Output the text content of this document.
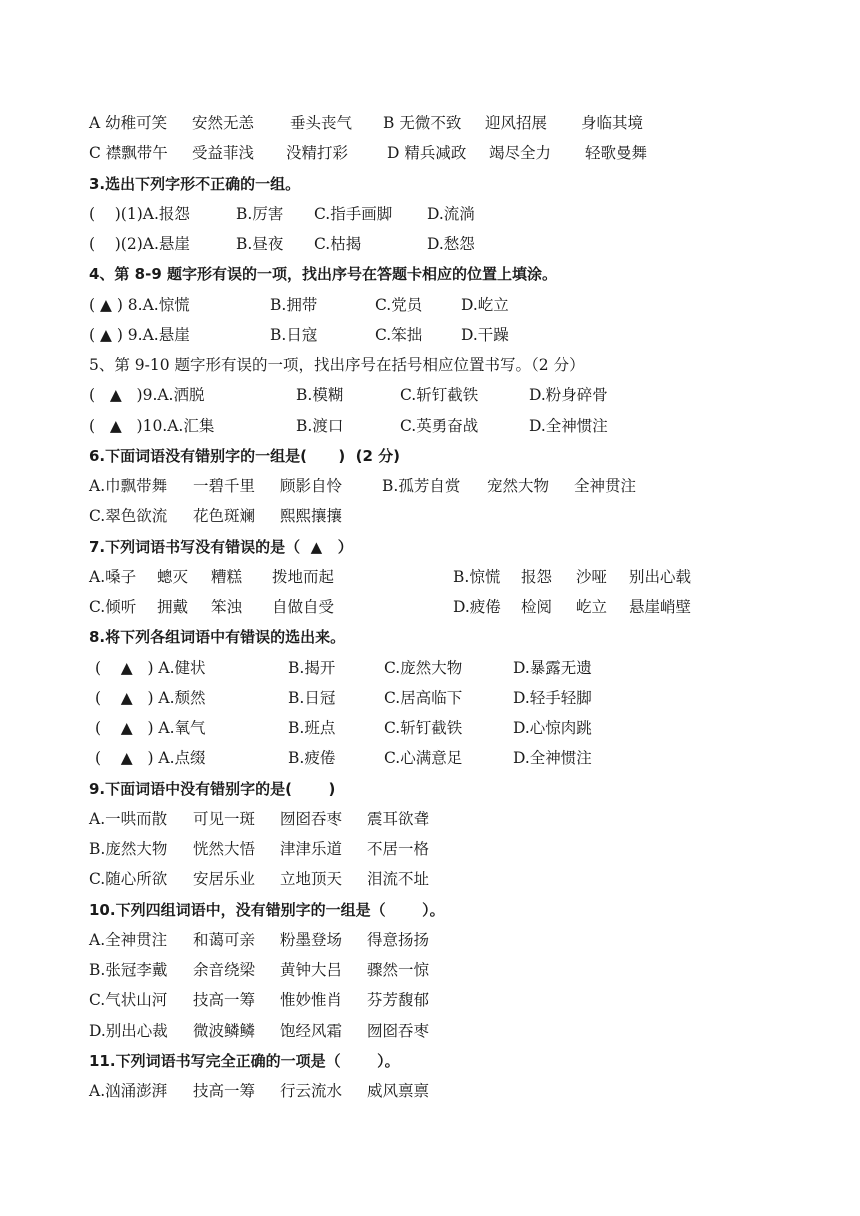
A 幼稚可笑 安然无恙 垂头丧气 B 无微不致 迎风招展 身临其境
C 襟飘带午 受益菲浅 没精打彩	D 精兵减政 竭尽全力 轻歌曼舞
3.选出下列字形不正确的一组。
(    )(1)A.报怨	B.厉害 C.指手画脚 D.流淌
(    )(2)A.悬崖	B.昼夜 C.枯揭	D.愁怨
4、第 8-9 题字形有误的一项，找出序号在答题卡相应的位置上填涂。
( ▲ ) 8.A.惊慌	B.拥带	C.党员	D.屹立
( ▲ ) 9.A.悬崖	B.日寇	C.笨拙	D.干躁
5、第 9-10 题字形有误的一项，找出序号在括号相应位置书写。（2 分）
(   ▲   )9.A.洒脱	B.模糊	C.斩钉截铁	D.粉身碎骨
(   ▲   )10.A.汇集	B.渡口	C.英勇奋战	D.全神惯注
6.下面词语没有错别字的一组是(      )  (2 分)
A.巾飘带舞 一碧千里 顾影自怜	B.孤芳自赏 宠然大物 全神贯注
C.翠色欲流 花色斑斓 熙熙攘攘
7.下列词语书写没有错误的是（  ▲   ）
A.嗓子 蟌灭 糟糕 拨地而起	B.惊慌 报怨 沙哑 别出心载
C.倾听 拥戴 笨浊 自做自受	D.疲倦 检阅 屹立 悬崖峭壁
8.将下列各组词语中有错误的选出来。
(    ▲   ) A.健状	B.揭开	C.庞然大物	D.暴露无遗
(    ▲   ) A.颓然	B.日冠	C.居高临下	D.轻手轻脚
(    ▲   ) A.氧气	B.班点	C.斩钉截铁	D.心惊肉跳
(    ▲   ) A.点缀	B.疲倦	C.心满意足	D.全神惯注
9.下面词语中没有错别字的是(       )
A.一哄而散 可见一斑 囫囵吞枣 震耳欲聋
B.庞然大物 恍然大悟 津津乐道 不居一格
C.随心所欲 安居乐业 立地顶天 泪流不址
10.下列四组词语中，没有错别字的一组是（       ）。
A.全神贯注 和蔼可亲 粉墨登场 得意扬扬
B.张冠李戴 余音绕梁 黄钟大吕 骤然一惊
C.气状山河 技高一筹 惟妙惟肖 芬芳馥郁
D.别出心裁 微波鳞鳞 饱经风霜 囫囵吞枣
11.下列词语书写完全正确的一项是（       ）。
A.汹涌澎湃 技高一筹 行云流水 威风禀禀
